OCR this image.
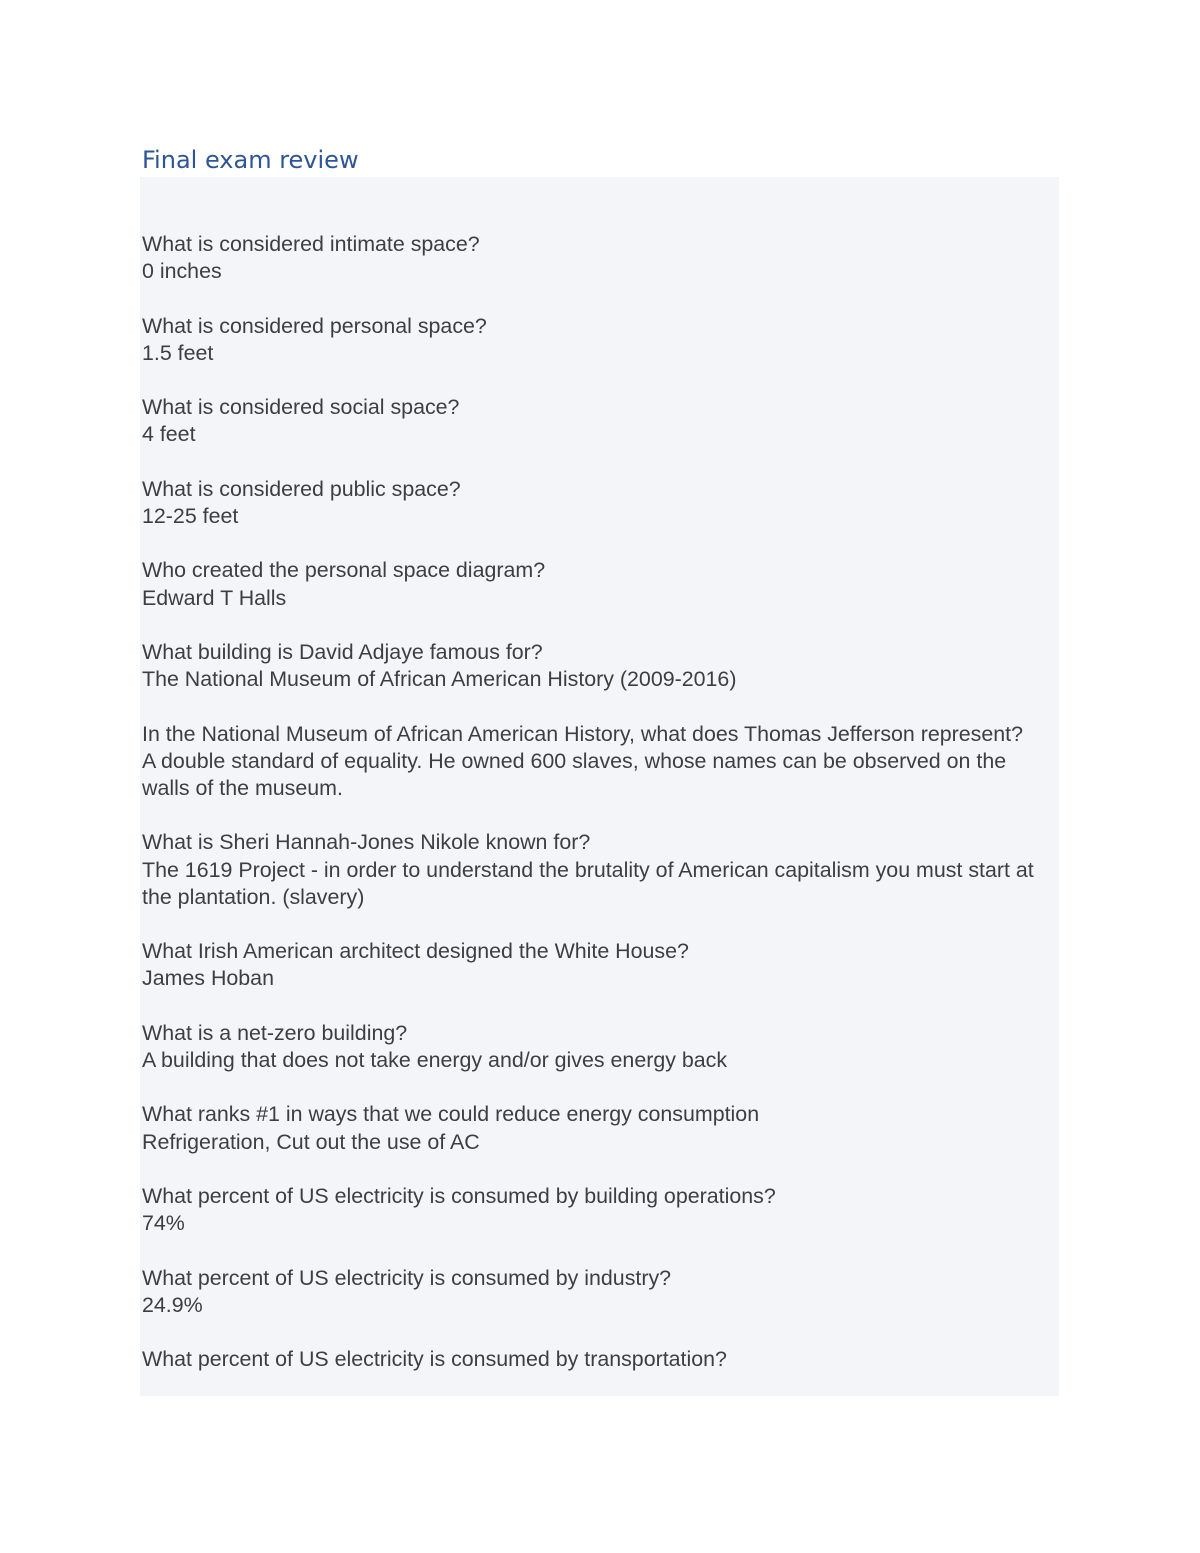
Final exam review

What is considered intimate space?

0 inches

What is considered personal space?

1.5 feet

What is considered social space?

4 feet

What is considered public space?

12-25 feet

Who created the personal space diagram?

Edward T Halls

What building is David Adjaye famous for?

The National Museum of African American History (2009-2016)

In the National Museum of African American History, what does Thomas Jefferson represent?

A double standard of equality. He owned 600 slaves, whose names can be observed on the walls of the museum.

What is Sheri Hannah-Jones Nikole known for?

The 1619 Project - in order to understand the brutality of American capitalism you must start at the plantation. (slavery)

What Irish American architect designed the White House?

James Hoban

What is a net-zero building?

A building that does not take energy and/or gives energy back

What ranks #1 in ways that we could reduce energy consumption

Refrigeration, Cut out the use of AC

What percent of US electricity is consumed by building operations?

74%

What percent of US electricity is consumed by industry?

24.9%

What percent of US electricity is consumed by transportation?
